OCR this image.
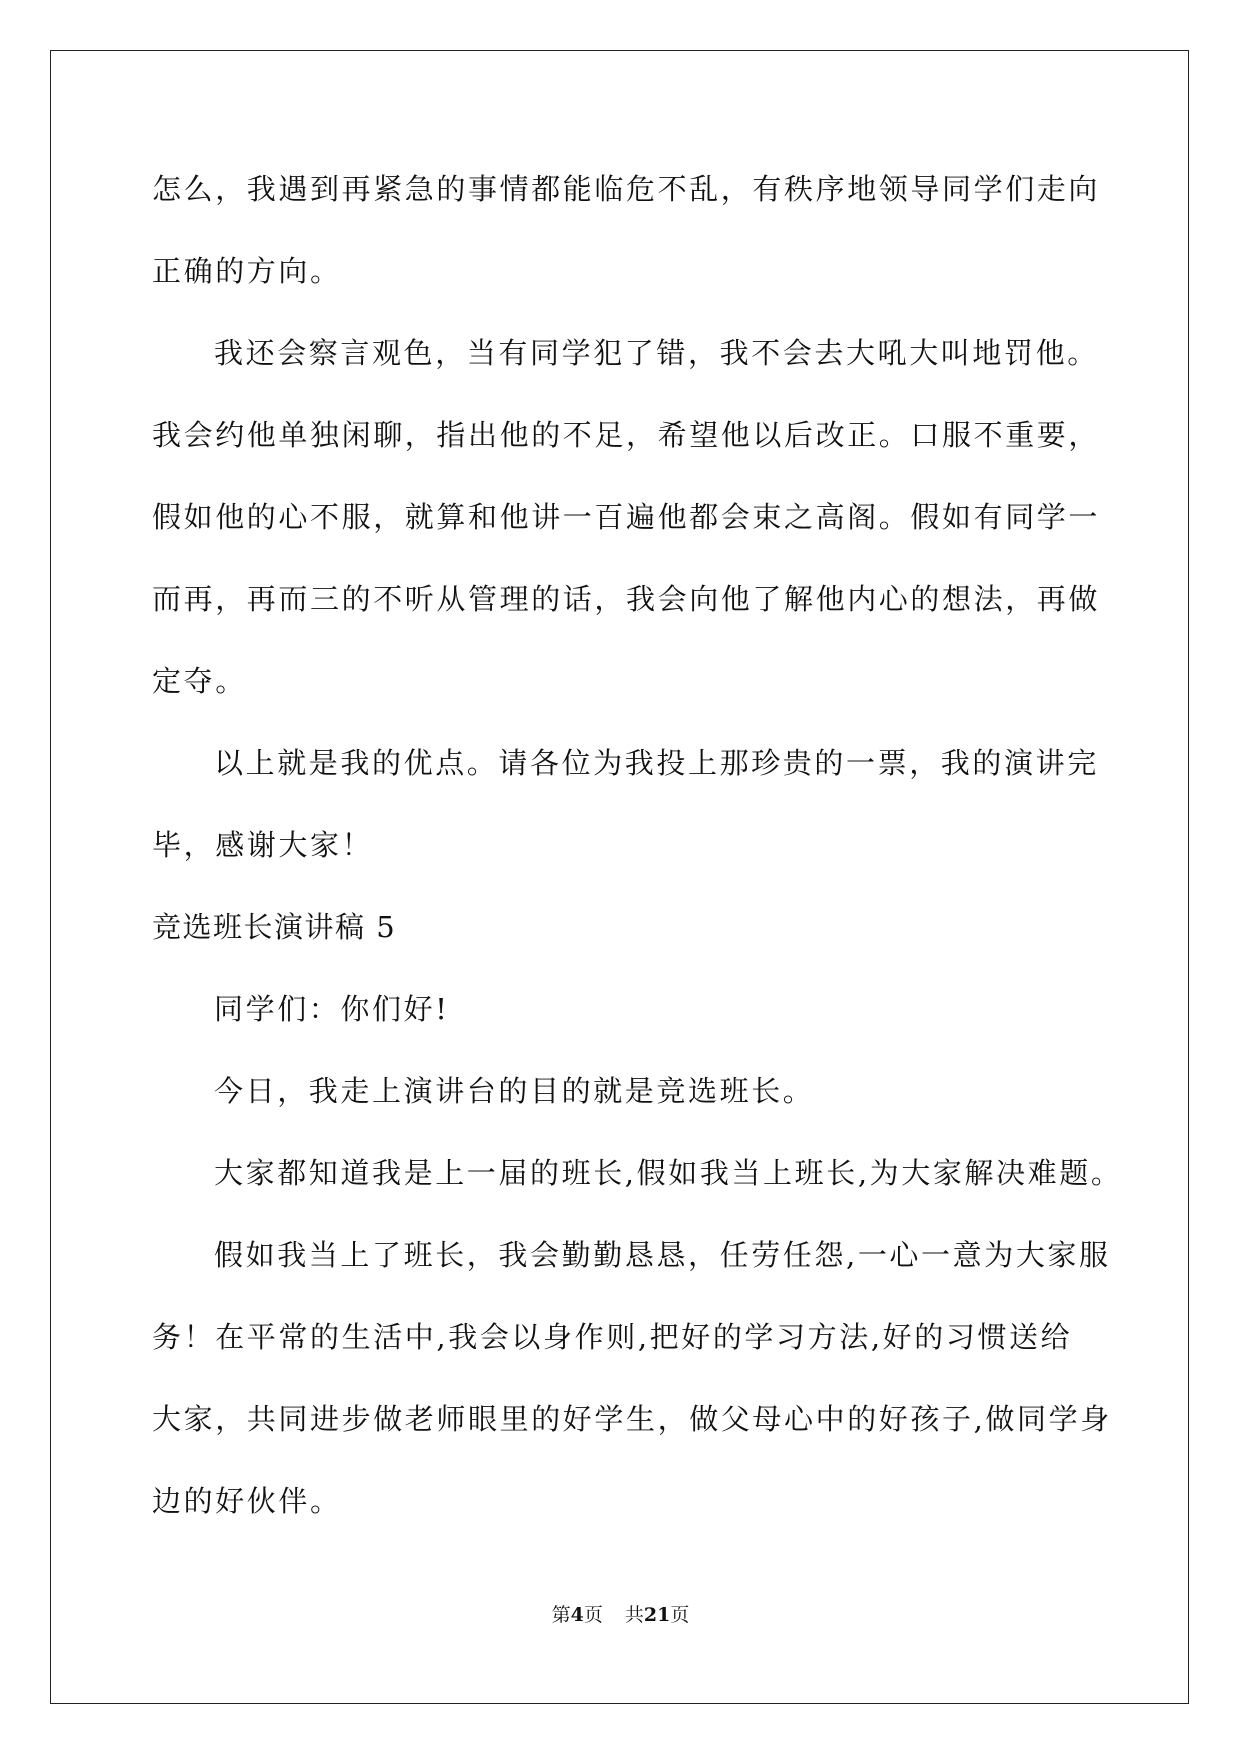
怎么，我遇到再紧急的事情都能临危不乱，有秩序地领导同学们走向
正确的方向。
我还会察言观色，当有同学犯了错，我不会去大吼大叫地罚他。
我会约他单独闲聊，指出他的不足，希望他以后改正。口服不重要，
假如他的心不服，就算和他讲一百遍他都会束之高阁。假如有同学一
而再，再而三的不听从管理的话，我会向他了解他内心的想法，再做
定夺。
以上就是我的优点。请各位为我投上那珍贵的一票，我的演讲完
毕，感谢大家！
竞选班长演讲稿 5
同学们：你们好!
今日，我走上演讲台的目的就是竞选班长。
大家都知道我是上一届的班长,假如我当上班长,为大家解决难题。
假如我当上了班长，我会勤勤恳恳，任劳任怨,一心一意为大家服
务！在平常的生活中,我会以身作则,把好的学习方法,好的习惯送给
大家，共同进步做老师眼里的好学生，做父母心中的好孩子,做同学身
边的好伙伴。
第4页 共21页
